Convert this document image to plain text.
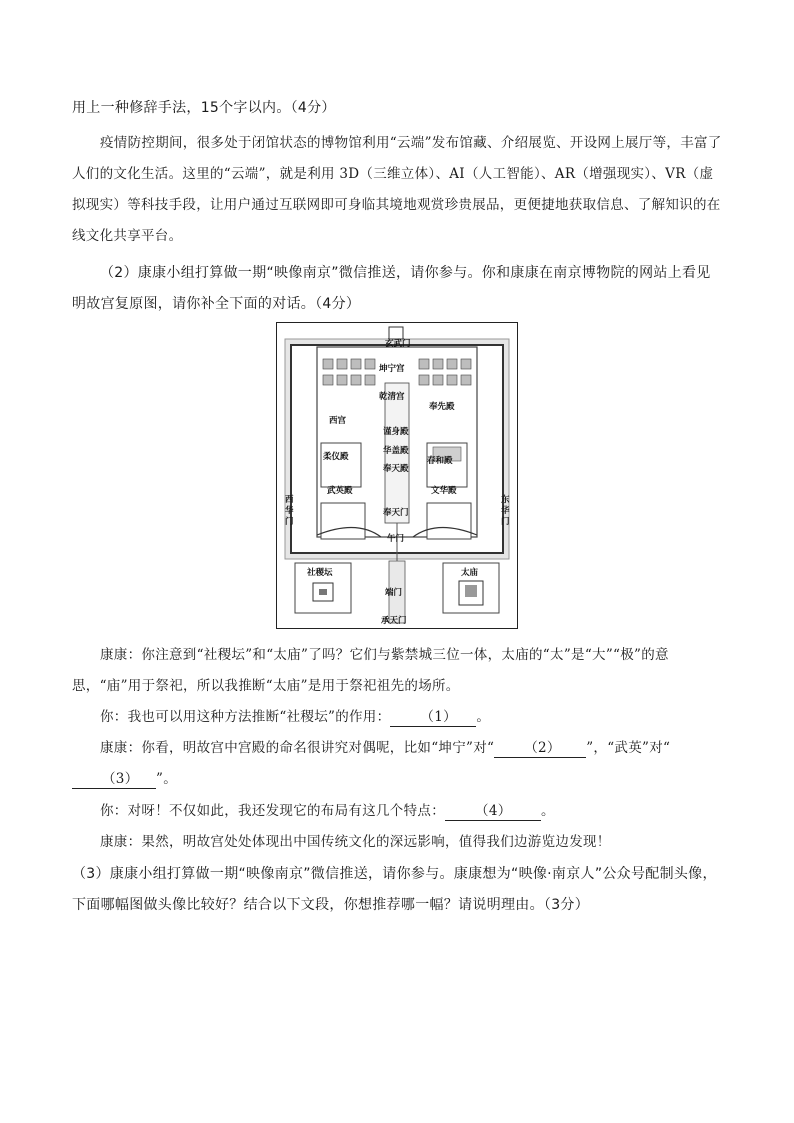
用上一种修辞手法，15个字以内。（4分）
疫情防控期间，很多处于闭馆状态的博物馆利用“云端”发布馆藏、介绍展览、开设网上展厅等，丰富了人们的文化生活。这里的“云端”，就是利用 3D（三维立体）、AI（人工智能）、AR（增强现实）、VR（虚拟现实）等科技手段，让用户通过互联网即可身临其境地观赏珍贵展品，更便捷地获取信息、了解知识的在线文化共享平台。
（2）康康小组打算做一期“映像南京”微信推送，请你参与。你和康康在南京博物院的网站上看见明故宫复原图，请你补全下面的对话。（4分）
玄武门
坤宁宫
乾清宫
奉先殿
西宫
谨身殿
柔仪殿
华盖殿
春和殿
奉天殿
武英殿	文华殿
奉天门
午门
社稷坛	太庙
端门
承天门
西华门
东华门
康康：你注意到“社稷坛”和“太庙”了吗？它们与紫禁城三位一体，太庙的“太”是“大”“极”的意思，“庙”用于祭祀，所以我推断“太庙”是用于祭祀祖先的场所。
你：我也可以用这种方法推断“社稷坛”的作用： （1） 。
康康：你看，明故宫中宫殿的命名很讲究对偶呢，比如“坤宁”对“ （2） ”，“武英”对“（3） ”。
你：对呀！不仅如此，我还发现它的布局有这几个特点： （4） 。
康康：果然，明故宫处处体现出中国传统文化的深远影响，值得我们边游览边发现！
（3）康康小组打算做一期“映像南京”微信推送，请你参与。康康想为“映像·南京人”公众号配制头像，下面哪幅图做头像比较好？结合以下文段，你想推荐哪一幅？请说明理由。（3分）
